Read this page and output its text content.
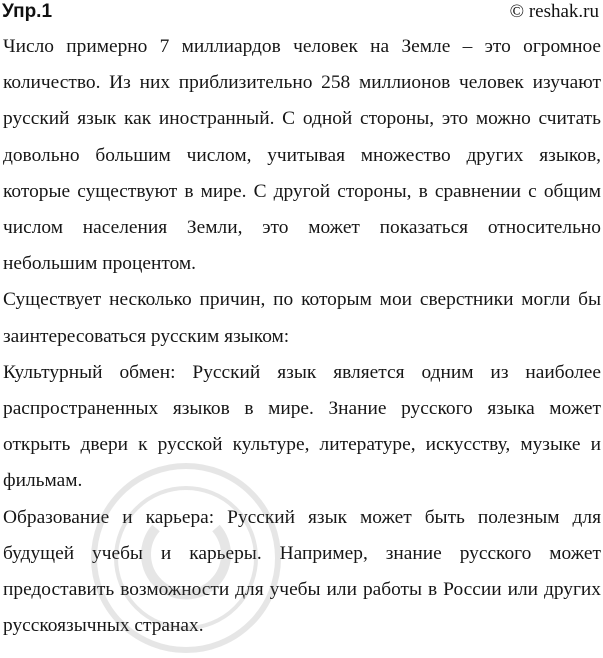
Упр.1	© reshak.ru

Число примерно 7 миллиардов человек на Земле – это огромное количество. Из них приблизительно 258 миллионов человек изучают русский язык как иностранный. С одной стороны, это можно считать довольно большим числом, учитывая множество других языков, которые существуют в мире. С другой стороны, в сравнении с общим числом населения Земли, это может показаться относительно небольшим процентом.

Существует несколько причин, по которым мои сверстники могли бы заинтересоваться русским языком:

Культурный обмен: Русский язык является одним из наиболее распространенных языков в мире. Знание русского языка может открыть двери к русской культуре, литературе, искусству, музыке и фильмам.

Образование и карьера: Русский язык может быть полезным для будущей учебы и карьеры. Например, знание русского может предоставить возможности для учебы или работы в России или других русскоязычных странах.
